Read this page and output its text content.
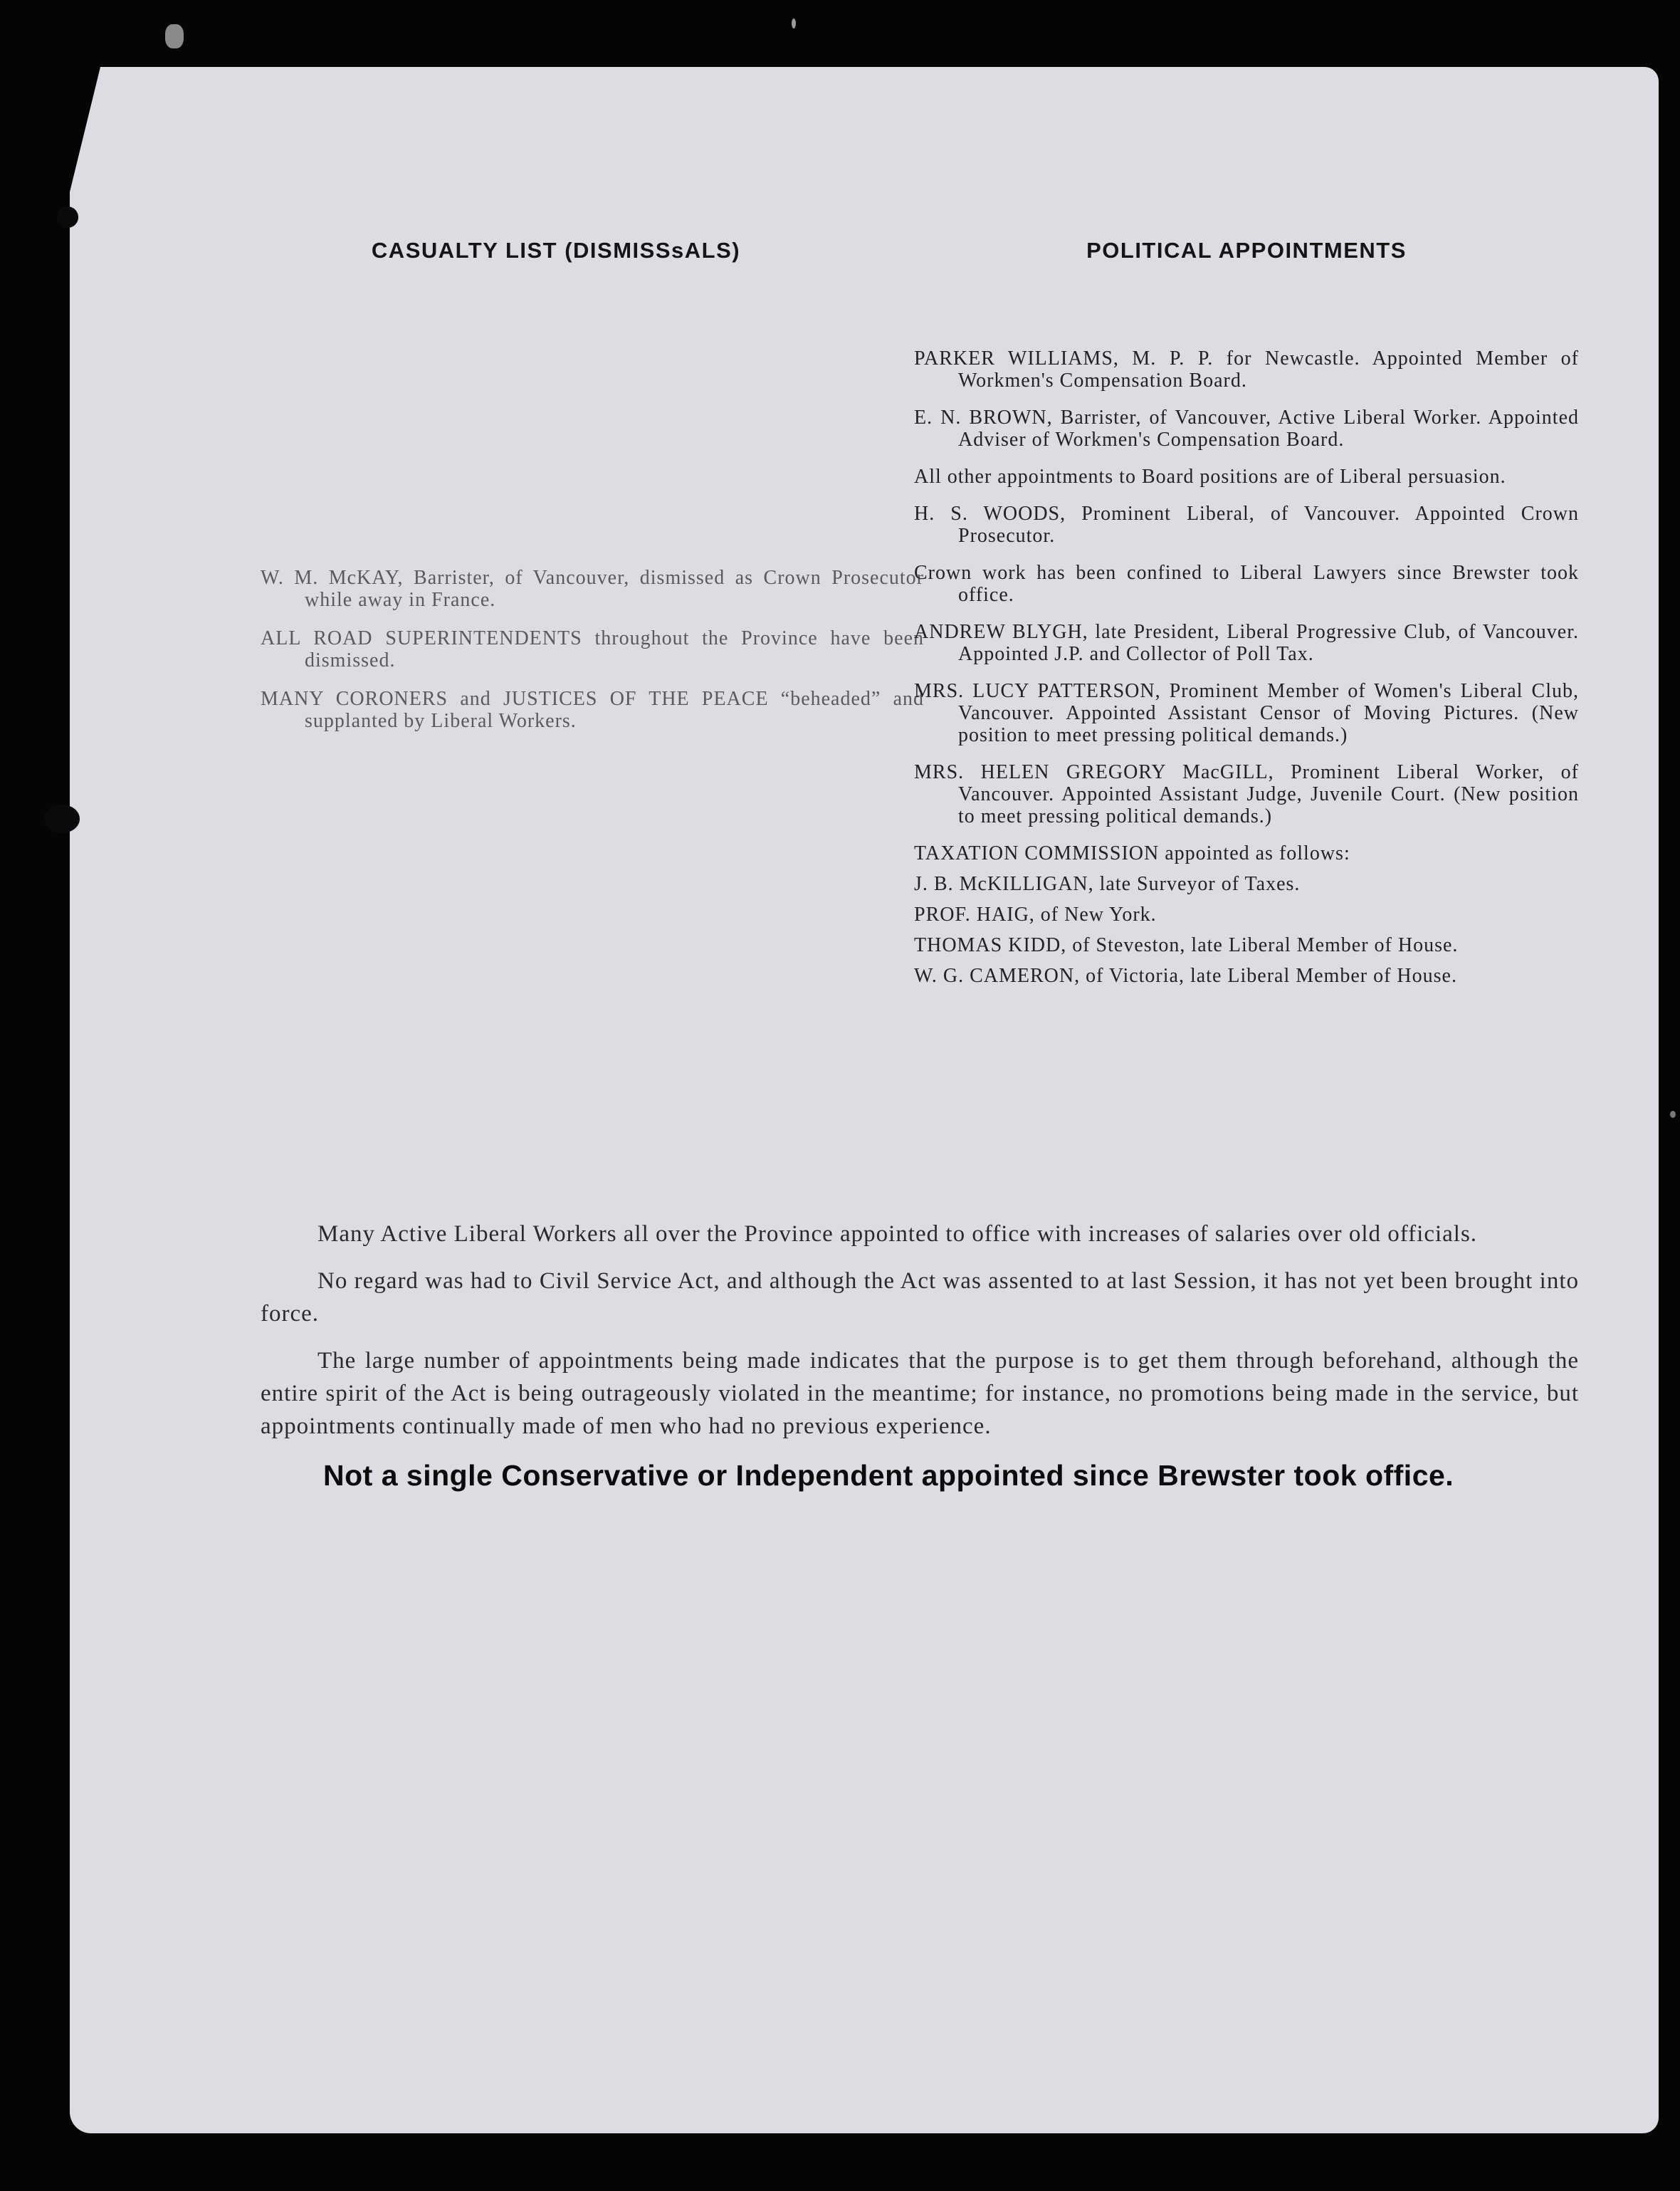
CASUALTY LIST (DISMISSsALS)	POLITICAL APPOINTMENTS

W. M. McKAY, Barrister, of Vancouver, dismissed as Crown Prosecutor while away in France.

ALL ROAD SUPERINTENDENTS throughout the Province have been dismissed.

MANY CORONERS and JUSTICES OF THE PEACE “beheaded” and supplanted by Liberal Workers.

PARKER WILLIAMS, M. P. P. for Newcastle. Appointed Member of Workmen's Compensation Board.

E. N. BROWN, Barrister, of Vancouver, Active Liberal Worker. Appointed Adviser of Workmen's Compensation Board.

All other appointments to Board positions are of Liberal persuasion.

H. S. WOODS, Prominent Liberal, of Vancouver. Appointed Crown Prosecutor.

Crown work has been confined to Liberal Lawyers since Brewster took office.

ANDREW BLYGH, late President, Liberal Progressive Club, of Vancouver. Appointed J.P. and Collector of Poll Tax.

MRS. LUCY PATTERSON, Prominent Member of Women's Liberal Club, Vancouver. Appointed Assistant Censor of Moving Pictures. (New position to meet pressing political demands.)

MRS. HELEN GREGORY MacGILL, Prominent Liberal Worker, of Vancouver. Appointed Assistant Judge, Juvenile Court. (New position to meet pressing political demands.)

TAXATION COMMISSION appointed as follows:

J. B. McKILLIGAN, late Surveyor of Taxes.

PROF. HAIG, of New York.

THOMAS KIDD, of Steveston, late Liberal Member of House.

W. G. CAMERON, of Victoria, late Liberal Member of House.

Many Active Liberal Workers all over the Province appointed to office with increases of salaries over old officials.

No regard was had to Civil Service Act, and although the Act was assented to at last Session, it has not yet been brought into force.

The large number of appointments being made indicates that the purpose is to get them through beforehand, although the entire spirit of the Act is being outrageously violated in the meantime; for instance, no promotions being made in the service, but appointments continually made of men who had no previous experience.

Not a single Conservative or Independent appointed since Brewster took office.
